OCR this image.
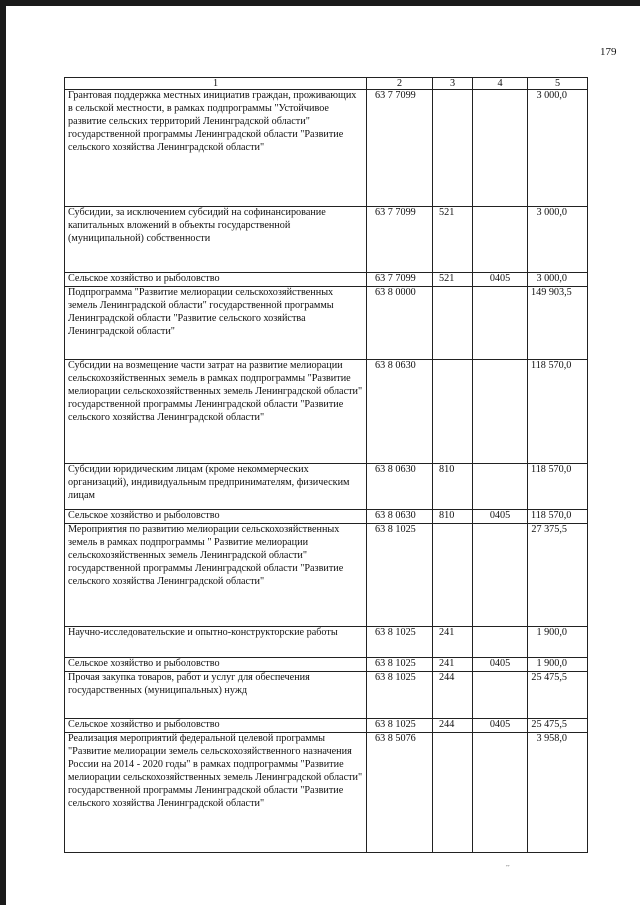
179
1	2	3	4	5
Грантовая поддержка местных инициатив граждан, проживающих в сельской местности, в рамках подпрограммы "Устойчивое развитие сельских территорий Ленинградской области" государственной программы Ленинградской области "Развитие сельского хозяйства Ленинградской области"	63 7 7099			3 000,0
Субсидии, за исключением субсидий на софинансирование капитальных вложений в объекты государственной (муниципальной) собственности	63 7 7099	521		3 000,0
Сельское хозяйство и рыболовство	63 7 7099	521	0405	3 000,0
Подпрограмма "Развитие мелиорации сельскохозяйственных земель Ленинградской области" государственной программы Ленинградской области "Развитие сельского хозяйства Ленинградской области"	63 8 0000			149 903,5
Субсидии на возмещение части затрат на развитие мелиорации сельскохозяйственных земель в рамках подпрограммы "Развитие мелиорации сельскохозяйственных земель Ленинградской области" государственной программы Ленинградской области "Развитие сельского хозяйства Ленинградской области"	63 8 0630			118 570,0
Субсидии юридическим лицам (кроме некоммерческих организаций), индивидуальным предпринимателям, физическим лицам	63 8 0630	810		118 570,0
Сельское хозяйство и рыболовство	63 8 0630	810	0405	118 570,0
Мероприятия по развитию мелиорации сельскохозяйственных земель в рамках подпрограммы " Развитие мелиорации сельскохозяйственных земель Ленинградской области" государственной программы Ленинградской области "Развитие сельского хозяйства Ленинградской области"	63 8 1025			27 375,5
Научно-исследовательские и опытно-конструкторские работы	63 8 1025	241		1 900,0
Сельское хозяйство и рыболовство	63 8 1025	241	0405	1 900,0
Прочая закупка товаров, работ и услуг для обеспечения государственных (муниципальных) нужд	63 8 1025	244		25 475,5
Сельское хозяйство и рыболовство	63 8 1025	244	0405	25 475,5
Реализация мероприятий федеральной целевой программы "Развитие мелиорации земель сельскохозяйственного назначения России на 2014 - 2020 годы" в рамках подпрограммы "Развитие мелиорации сельскохозяйственных земель Ленинградской области" государственной программы Ленинградской области "Развитие сельского хозяйства Ленинградской области"	63 8 5076			3 958,0
ᵥᵥ
